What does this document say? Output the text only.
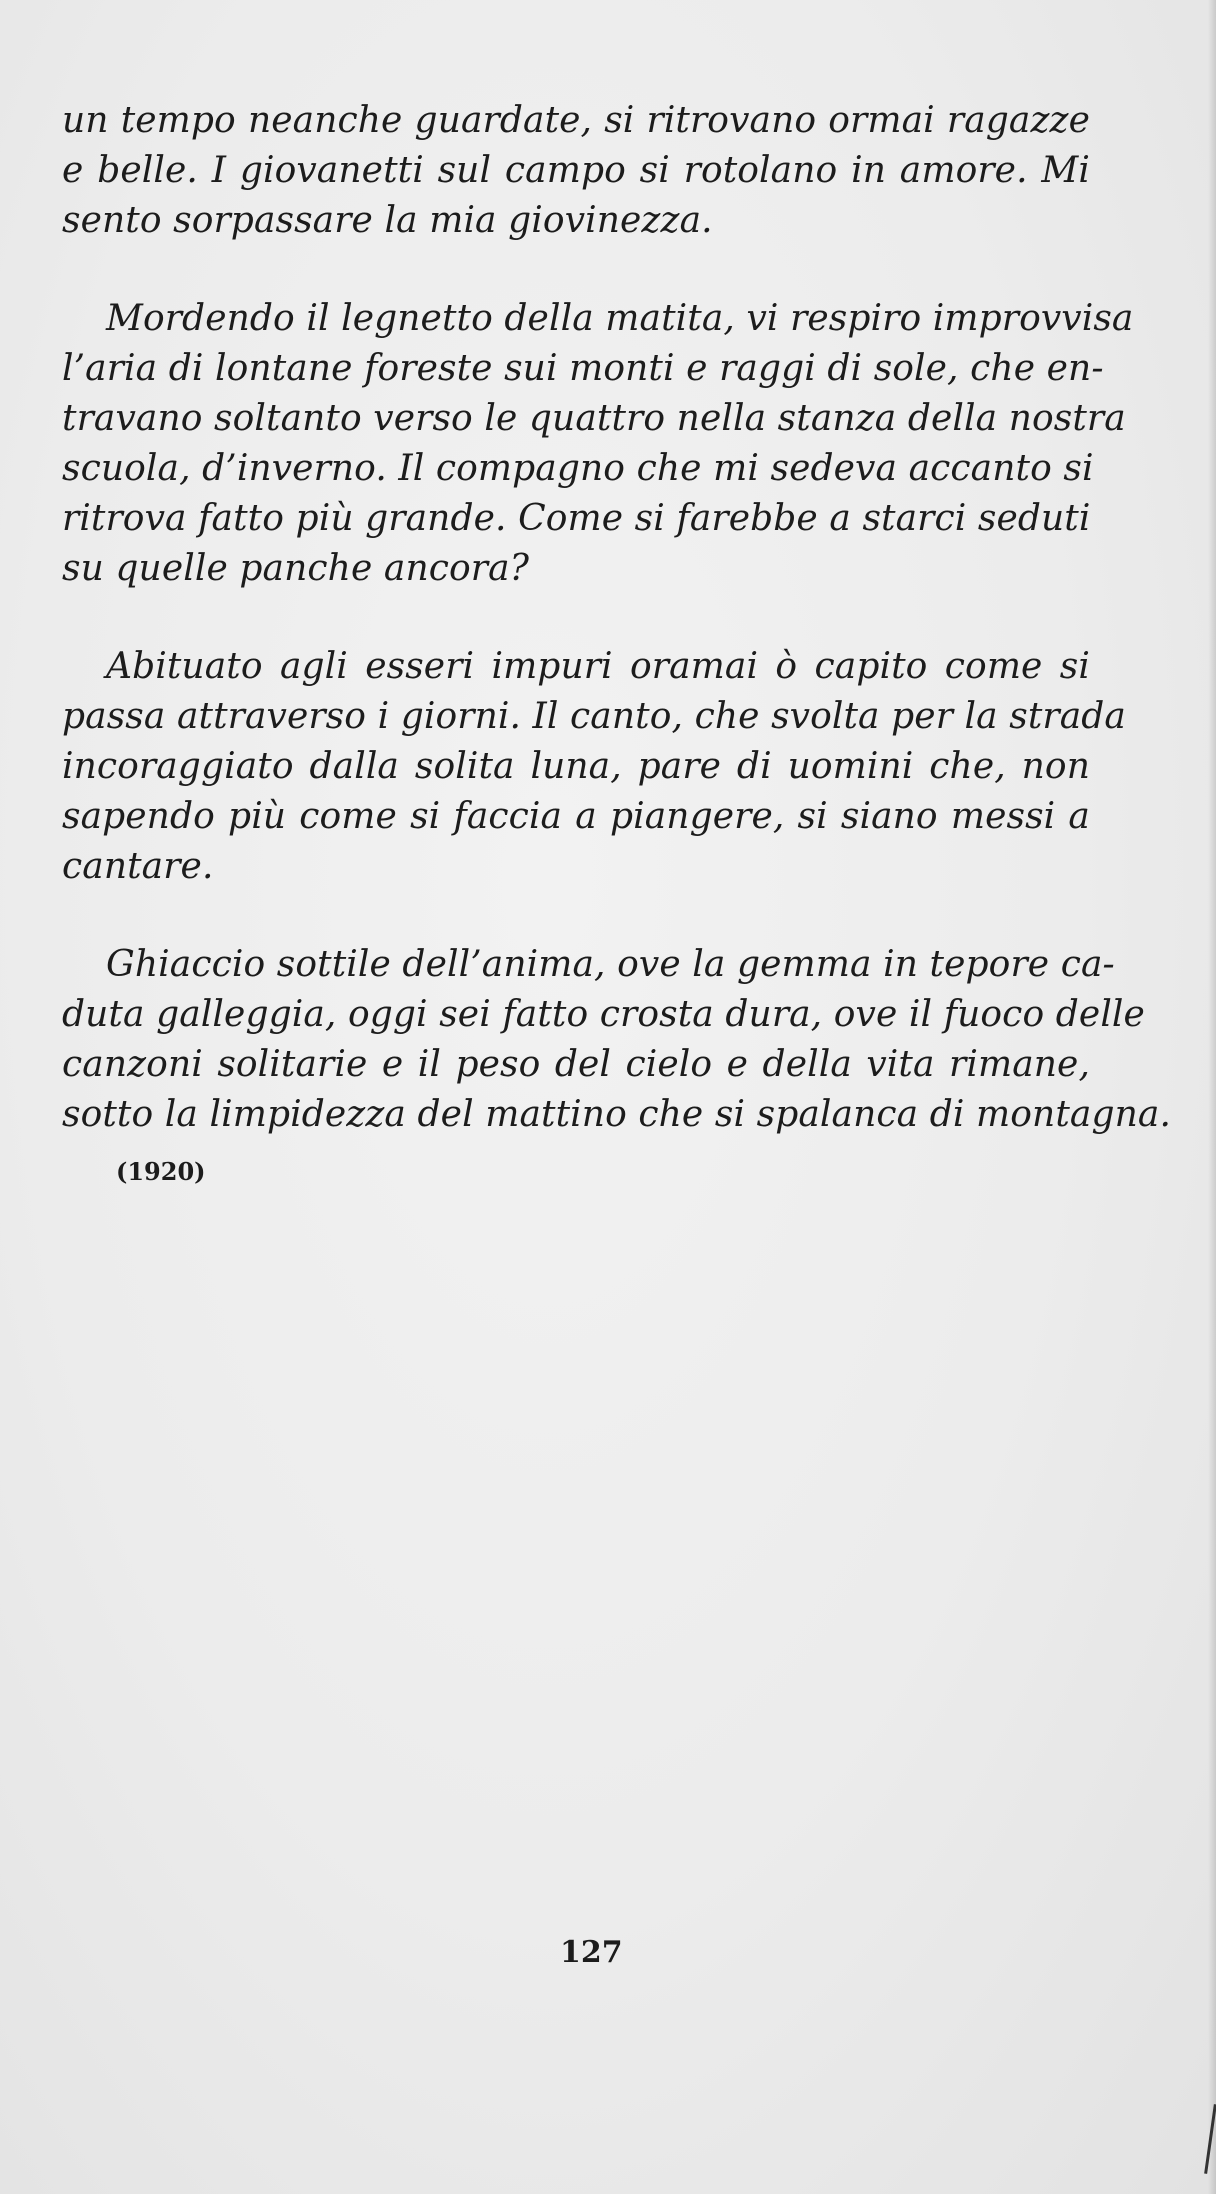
un tempo neanche guardate, si ritrovano ormai ragazze
e belle. I giovanetti sul campo si rotolano in amore. Mi
sento sorpassare la mia giovinezza.
Mordendo il legnetto della matita, vi respiro improvvisa
l’aria di lontane foreste sui monti e raggi di sole, che en-
travano soltanto verso le quattro nella stanza della nostra
scuola, d’inverno. Il compagno che mi sedeva accanto si
ritrova fatto più grande. Come si farebbe a starci seduti
su quelle panche ancora?
Abituato agli esseri impuri oramai ò capito come si
passa attraverso i giorni. Il canto, che svolta per la strada
incoraggiato dalla solita luna, pare di uomini che, non
sapendo più come si faccia a piangere, si siano messi a
cantare.
Ghiaccio sottile dell’anima, ove la gemma in tepore ca-
duta galleggia, oggi sei fatto crosta dura, ove il fuoco delle
canzoni solitarie e il peso del cielo e della vita rimane,
sotto la limpidezza del mattino che si spalanca di montagna.
(1920)
127
